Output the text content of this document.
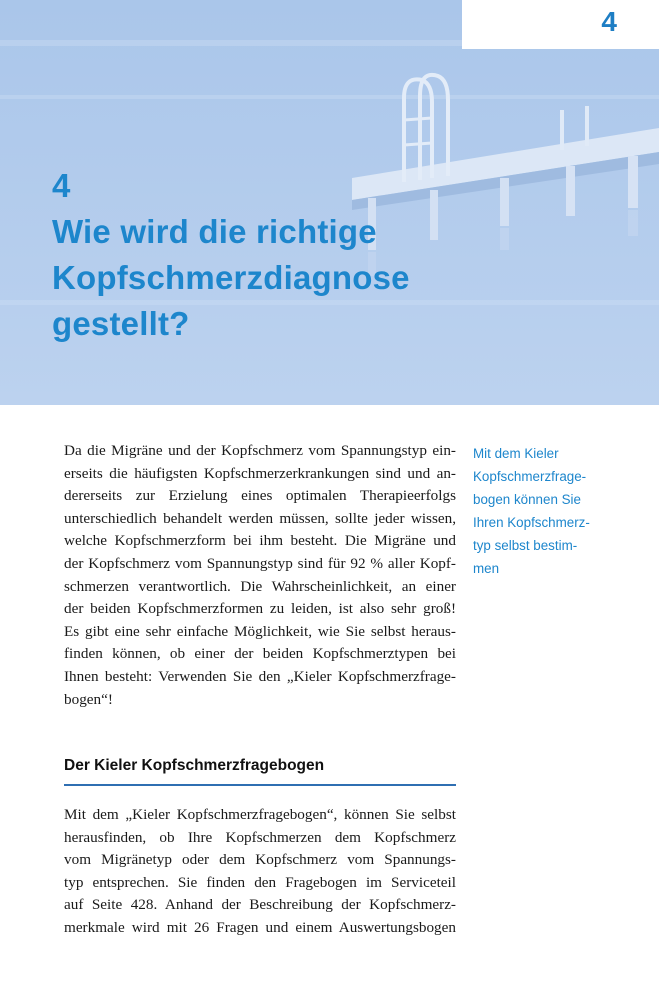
4
4
Wie wird die richtige
Kopfschmerzdiagnose
gestellt?
Da die Migräne und der Kopfschmerz vom Spannungstyp ein-
erseits die häufigsten Kopfschmerzerkrankungen sind und an-
dererseits zur Erzielung eines optimalen Therapieerfolgs
unterschiedlich behandelt werden müssen, sollte jeder wissen,
welche Kopfschmerzform bei ihm besteht. Die Migräne und
der Kopfschmerz vom Spannungstyp sind für 92 % aller Kopf-
schmerzen verantwortlich. Die Wahrscheinlichkeit, an einer
der beiden Kopfschmerzformen zu leiden, ist also sehr groß!
Es gibt eine sehr einfache Möglichkeit, wie Sie selbst heraus-
finden können, ob einer der beiden Kopfschmerztypen bei
Ihnen besteht: Verwenden Sie den „Kieler Kopfschmerzfrage-
bogen“!
Mit dem Kieler
Kopfschmerzfrage-
bogen können Sie
Ihren Kopfschmerz-
typ selbst bestim-
men
Der Kieler Kopfschmerzfragebogen
Mit dem „Kieler Kopfschmerzfragebogen“, können Sie selbst
herausfinden, ob Ihre Kopfschmerzen dem Kopfschmerz
vom Migränetyp oder dem Kopfschmerz vom Spannungs-
typ entsprechen. Sie finden den Fragebogen im Serviceteil
auf Seite 428. Anhand der Beschreibung der Kopfschmerz-
merkmale wird mit 26 Fragen und einem Auswertungsbogen
